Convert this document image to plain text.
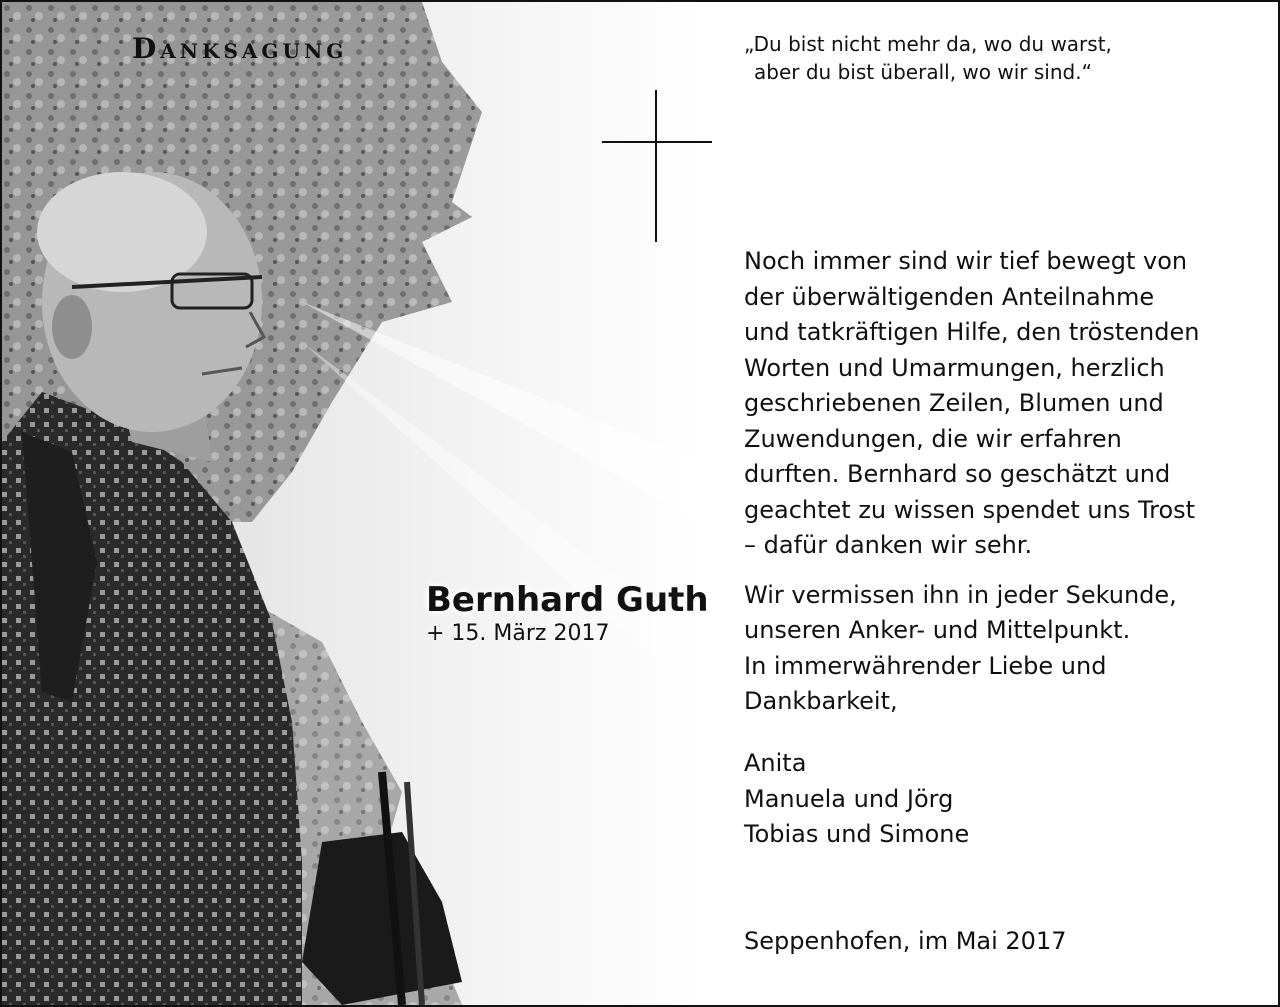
Danksagung	„Du bist nicht mehr da, wo du warst,
aber du bist überall, wo wir sind.“
Bernhard Guth
+ 15. März 2017
Noch immer sind wir tief bewegt von
der überwältigenden Anteilnahme
und tatkräftigen Hilfe, den tröstenden
Worten und Umarmungen, herzlich
geschriebenen Zeilen, Blumen und
Zuwendungen, die wir erfahren
durften. Bernhard so geschätzt und
geachtet zu wissen spendet uns Trost
– dafür danken wir sehr.
Wir vermissen ihn in jeder Sekunde,
unseren Anker- und Mittelpunkt.
In immerwährender Liebe und
Dankbarkeit,
Anita
Manuela und Jörg
Tobias und Simone
Seppenhofen, im Mai 2017
